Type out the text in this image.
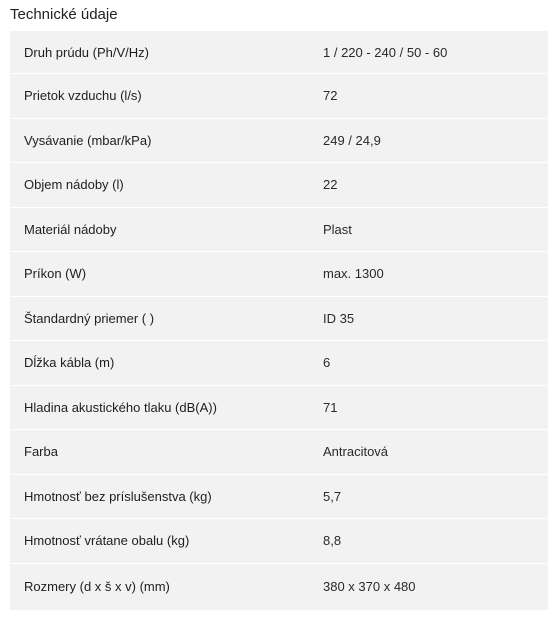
Technické údaje
Druh prúdu (Ph/V/Hz)	1 / 220 - 240 / 50 - 60
Prietok vzduchu (l/s)	72
Vysávanie (mbar/kPa)	249 / 24,9
Objem nádoby (l)	22
Materiál nádoby	Plast
Príkon (W)	max. 1300
Štandardný priemer ( )	ID 35
Dĺžka kábla (m)	6
Hladina akustického tlaku (dB(A))	71
Farba	Antracitová
Hmotnosť bez príslušenstva (kg)	5,7
Hmotnosť vrátane obalu (kg)	8,8
Rozmery (d x š x v) (mm)	380 x 370 x 480
